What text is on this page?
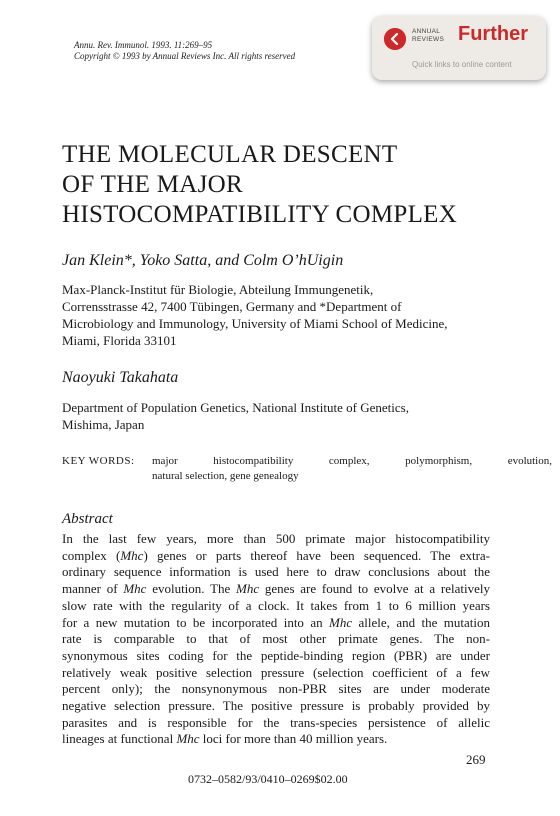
Annu. Rev. Immunol. 1993. 11:269–95
Copyright © 1993 by Annual Reviews Inc. All rights reserved
ANNUAL
REVIEWS Further
Quick links to online content
THE MOLECULAR DESCENT
OF THE MAJOR
HISTOCOMPATIBILITY COMPLEX
Jan Klein*, Yoko Satta, and Colm O’hUigin
Max-Planck-Institut für Biologie, Abteilung Immungenetik,
Corrensstrasse 42, 7400 Tübingen, Germany and *Department of
Microbiology and Immunology, University of Miami School of Medicine,
Miami, Florida 33101
Naoyuki Takahata
Department of Population Genetics, National Institute of Genetics,
Mishima, Japan
KEY WORDS: major histocompatibility complex, polymorphism, evolution,
natural selection, gene genealogy
Abstract
In the last few years, more than 500 primate major histocompatibility
complex (Mhc) genes or parts thereof have been sequenced. The extra-
ordinary sequence information is used here to draw conclusions about the
manner of Mhc evolution. The Mhc genes are found to evolve at a relatively
slow rate with the regularity of a clock. It takes from 1 to 6 million years
for a new mutation to be incorporated into an Mhc allele, and the mutation
rate is comparable to that of most other primate genes. The non-
synonymous sites coding for the peptide-binding region (PBR) are under
relatively weak positive selection pressure (selection coefficient of a few
percent only); the nonsynonymous non-PBR sites are under moderate
negative selection pressure. The positive pressure is probably provided by
parasites and is responsible for the trans-species persistence of allelic
lineages at functional Mhc loci for more than 40 million years.
269
0732–0582/93/0410–0269$02.00
